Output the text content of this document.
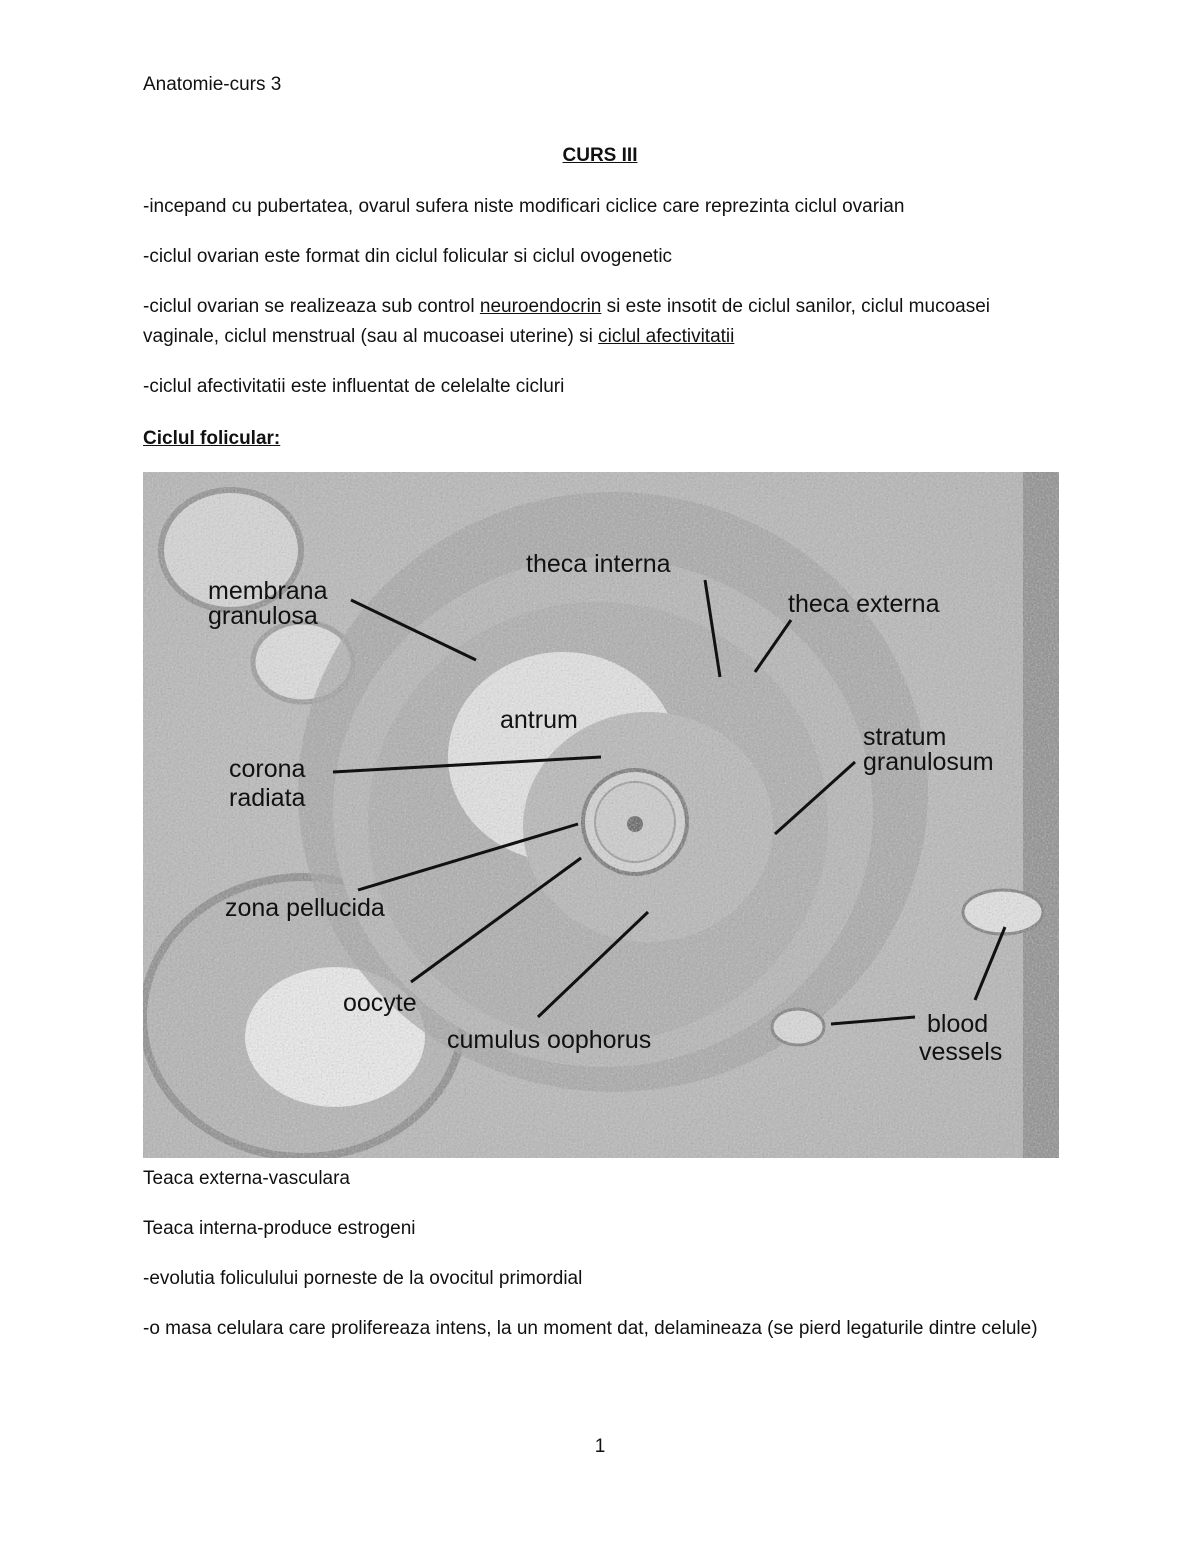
Anatomie-curs 3
CURS III

-incepand cu pubertatea, ovarul sufera niste modificari ciclice care reprezinta ciclul ovarian

-ciclul ovarian este format din ciclul folicular si ciclul ovogenetic

-ciclul ovarian se realizeaza sub control neuroendocrin si este insotit de ciclul sanilor, ciclul mucoasei vaginale, ciclul menstrual (sau al mucoasei uterine) si ciclul afectivitatii

-ciclul afectivitatii este influentat de celelalte cicluri

Ciclul folicular:

membrana
granulosa
theca interna
theca externa
antrum
corona
radiata
stratum
granulosum
zona pellucida
oocyte
cumulus oophorus
blood
vessels

Teaca externa-vasculara

Teaca interna-produce estrogeni

-evolutia foliculului porneste de la ovocitul primordial

-o masa celulara care prolifereaza intens, la un moment dat, delamineaza (se pierd legaturile dintre celule)

1
